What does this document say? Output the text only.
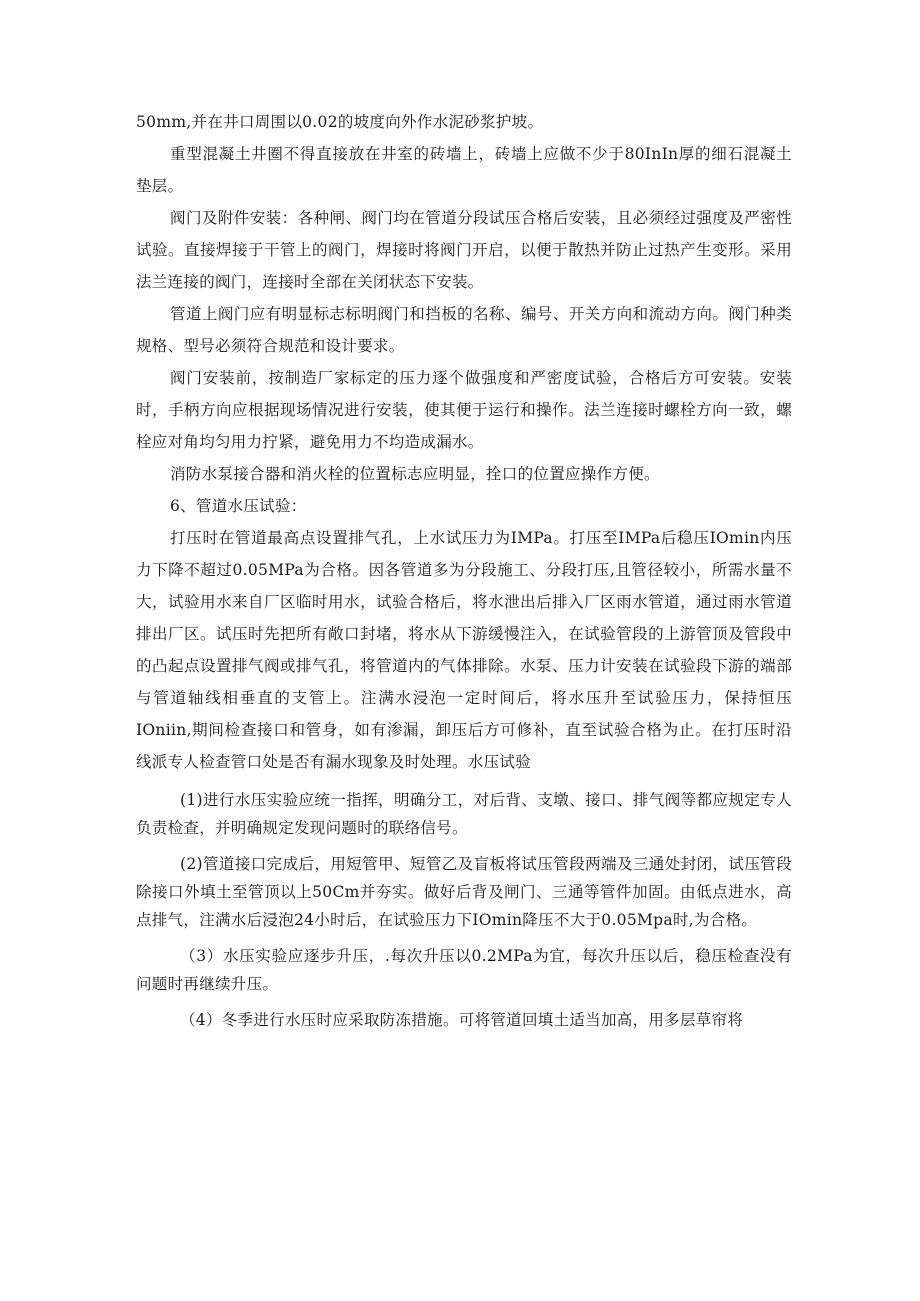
50mm,并在井口周围以0.02的坡度向外作水泥砂浆护坡。

重型混凝土井圈不得直接放在井室的砖墙上，砖墙上应做不少于80InIn厚的细石混凝土垫层。

阀门及附件安装：各种闸、阀门均在管道分段试压合格后安装，且必须经过强度及严密性试验。直接焊接于干管上的阀门，焊接时将阀门开启，以便于散热并防止过热产生变形。采用法兰连接的阀门，连接时全部在关闭状态下安装。

管道上阀门应有明显标志标明阀门和挡板的名称、编号、开关方向和流动方向。阀门种类规格、型号必须符合规范和设计要求。

阀门安装前，按制造厂家标定的压力逐个做强度和严密度试验，合格后方可安装。安装时，手柄方向应根据现场情况进行安装，使其便于运行和操作。法兰连接时螺栓方向一致，螺栓应对角均匀用力拧紧，避免用力不均造成漏水。

消防水泵接合器和消火栓的位置标志应明显，拴口的位置应操作方便。

6、管道水压试验：

打压时在管道最高点设置排气孔，上水试压力为IMPa。打压至IMPa后稳压IOmin内压力下降不超过0.05MPa为合格。因各管道多为分段施工、分段打压,且管径较小，所需水量不大，试验用水来自厂区临时用水，试验合格后，将水泄出后排入厂区雨水管道，通过雨水管道排出厂区。试压时先把所有敞口封堵，将水从下游缓慢注入，在试验管段的上游管顶及管段中的凸起点设置排气阀或排气孔，将管道内的气体排除。水泵、压力计安装在试验段下游的端部与管道轴线相垂直的支管上。注满水浸泡一定时间后，将水压升至试验压力，保持恒压IOniin,期间检查接口和管身，如有渗漏，卸压后方可修补，直至试验合格为止。在打压时沿线派专人检查管口处是否有漏水现象及时处理。水压试验

(1)进行水压实验应统一指挥，明确分工，对后背、支墩、接口、排气阀等都应规定专人负责检查，并明确规定发现问题时的联络信号。

(2)管道接口完成后，用短管甲、短管乙及盲板将试压管段两端及三通处封闭，试压管段除接口外填土至管顶以上50Cm并夯实。做好后背及闸门、三通等管件加固。由低点进水，高点排气，注满水后浸泡24小时后，在试验压力下IOmin降压不大于0.05Mpa时,为合格。

（3）水压实验应逐步升压，.每次升压以0.2MPa为宜，每次升压以后，稳压检查没有问题时再继续升压。

（4）冬季进行水压时应采取防冻措施。可将管道回填土适当加高，用多层草帘将
